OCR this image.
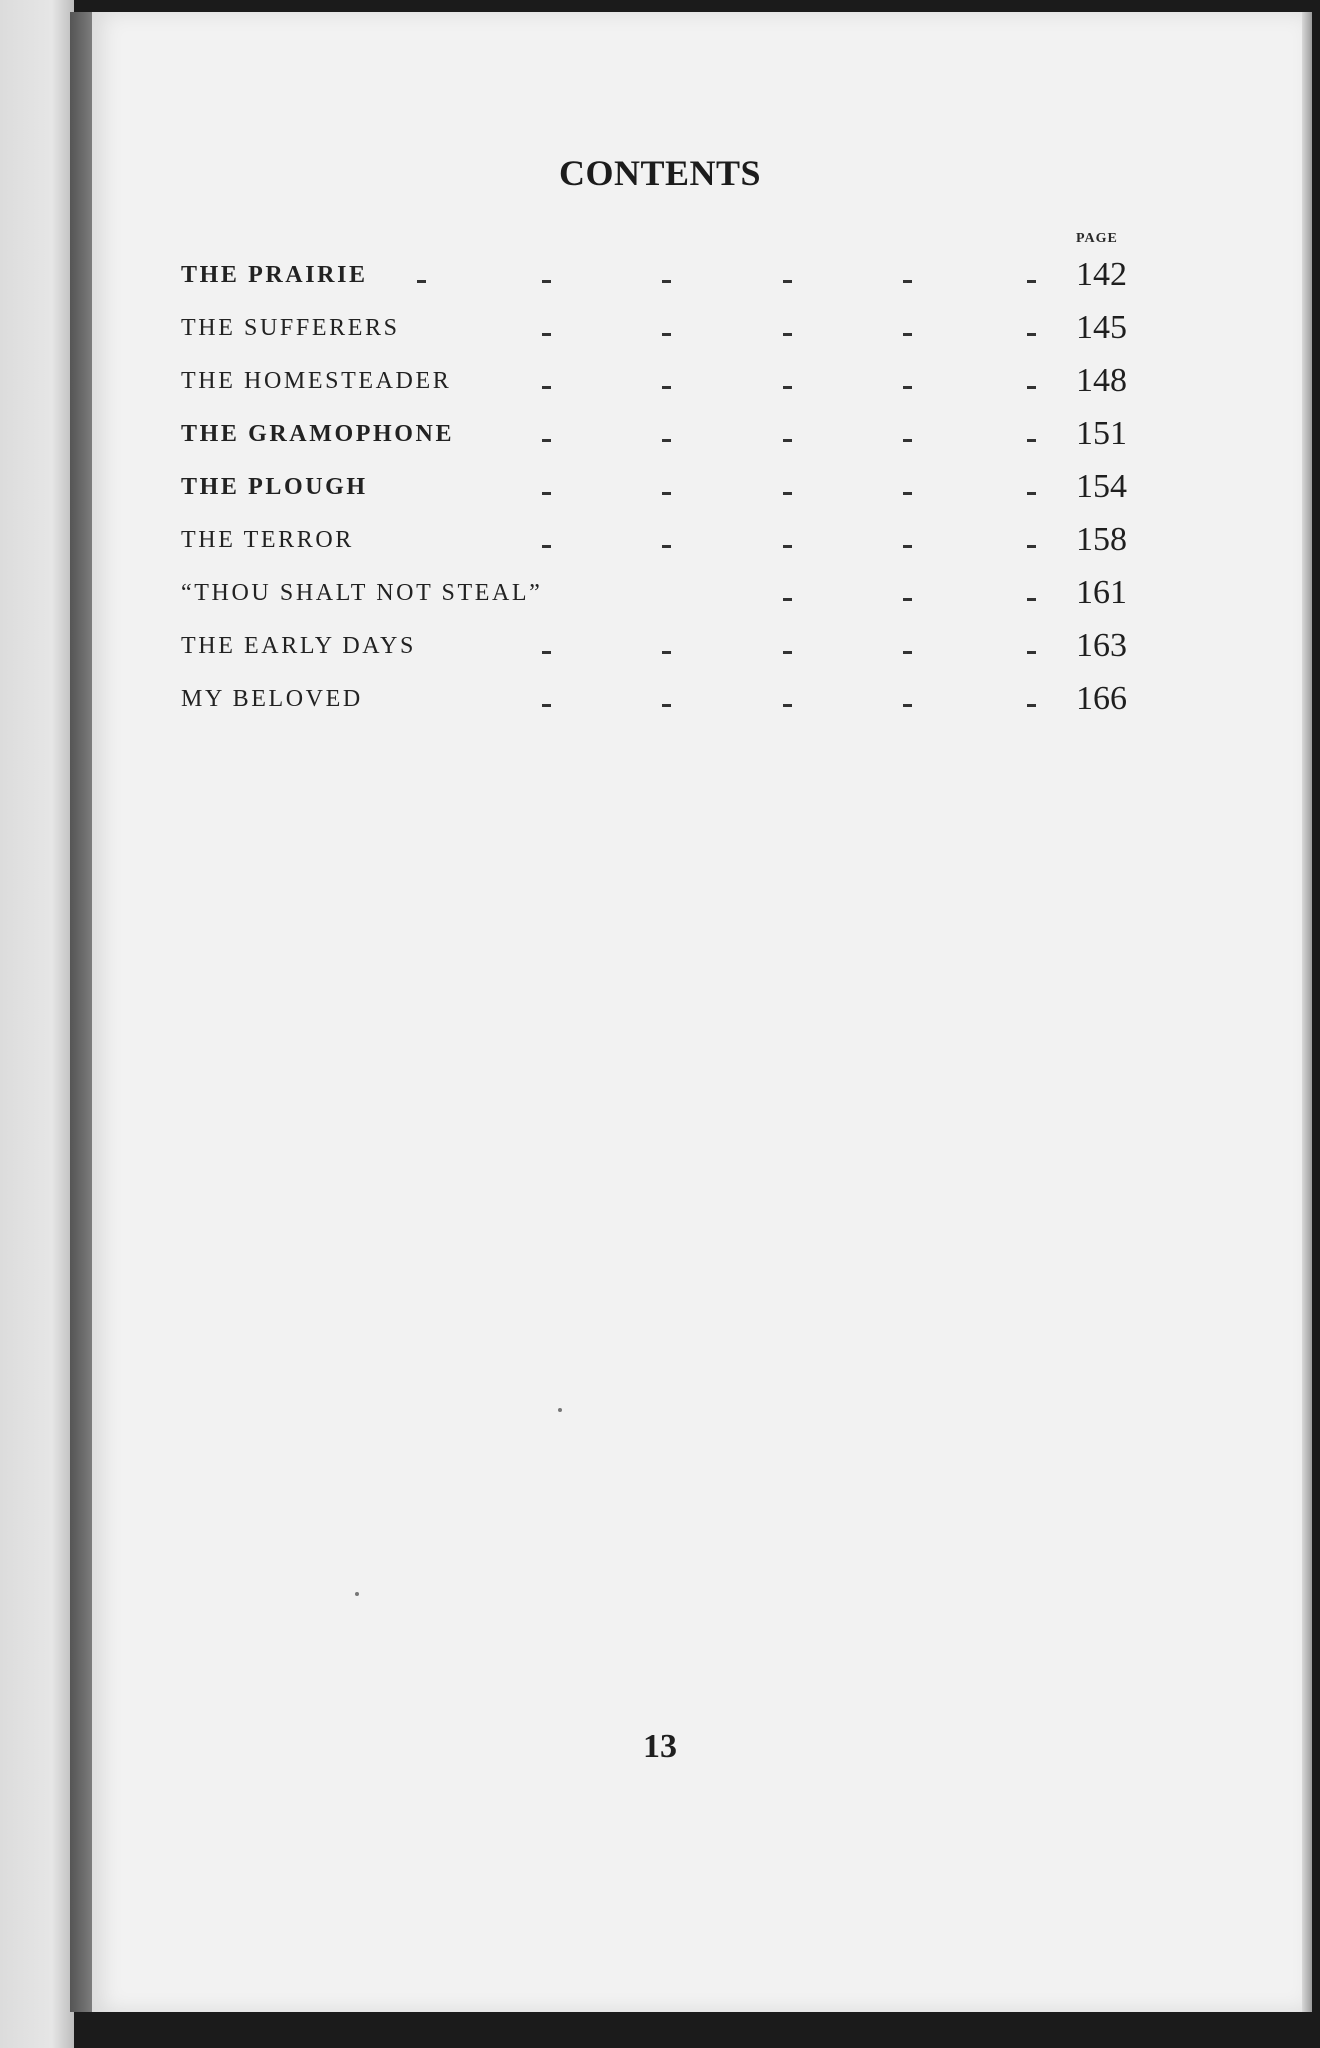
CONTENTS
PAGE
THE PRAIRIE	142
THE SUFFERERS	145
THE HOMESTEADER	148
THE GRAMOPHONE	151
THE PLOUGH	154
THE TERROR	158
“THOU SHALT NOT STEAL”	161
THE EARLY DAYS	163
MY BELOVED	166
13
